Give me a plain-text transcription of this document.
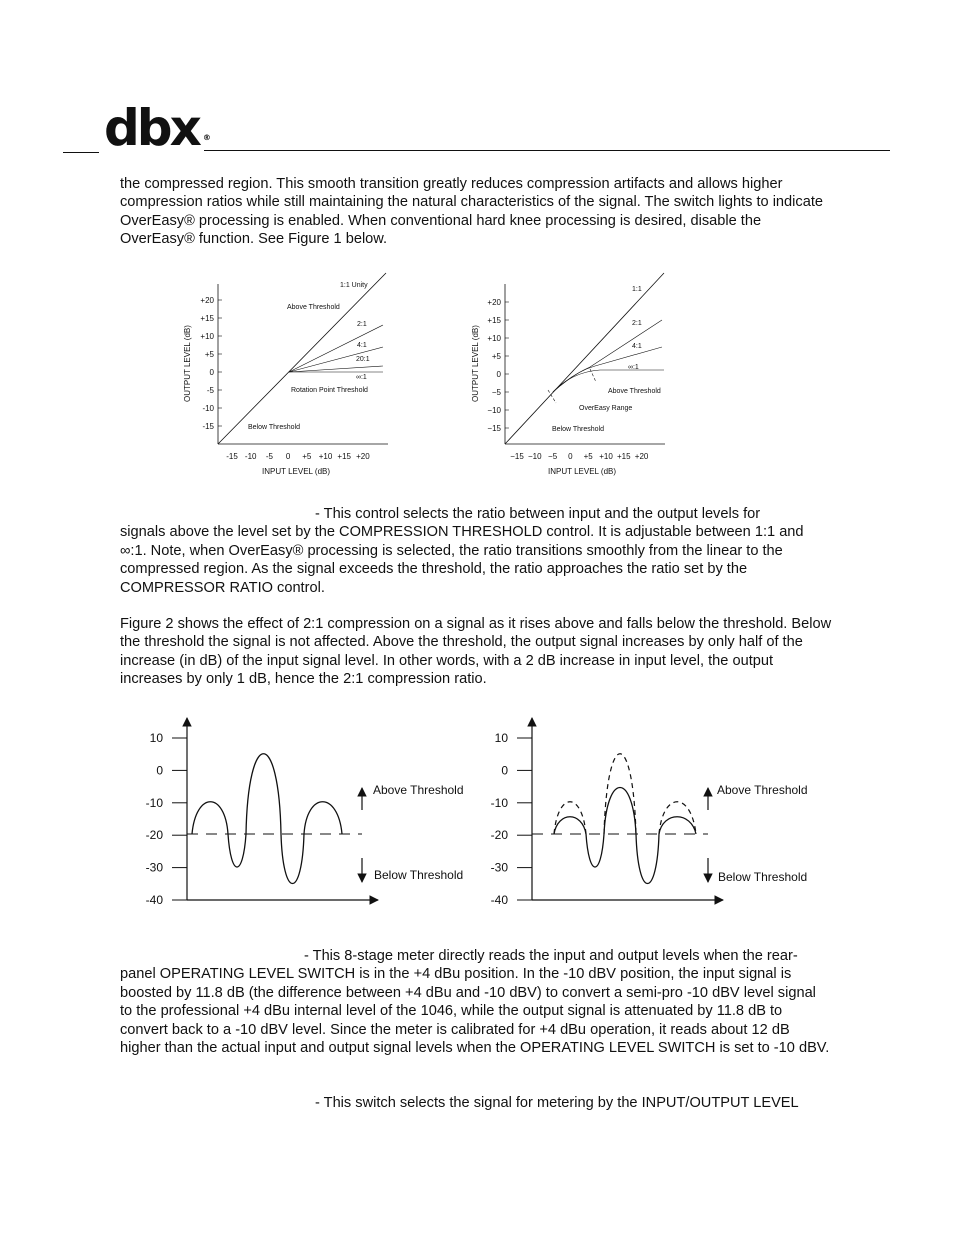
dbx ®

the compressed region. This smooth transition greatly reduces compression artifacts and allows higher compression ratios while still maintaining the natural characteristics of the signal. The switch lights to indicate OverEasy® processing is enabled. When conventional hard knee processing is desired, disable the OverEasy® function. See Figure 1 below.

+20
+15
+10
+5
0
-5
-10
-15
-15 -10 -5 0 +5 +10 +15 +20
OUTPUT LEVEL (dB)
INPUT LEVEL (dB)
1:1 Unity
Above Threshold
2:1
4:1
20:1
∞:1
Rotation Point Threshold
Below Threshold
+20
+15
+10
+5
0
−5
−10
−15
−15 −10 −5 0 +5 +10 +15 +20
OUTPUT LEVEL (dB)
INPUT LEVEL (dB)
1:1
2:1
4:1
∞:1
Above Threshold
OverEasy Range
Below Threshold

- This control selects the ratio between input and the output levels for

signals above the level set by the COMPRESSION THRESHOLD control. It is adjustable between 1:1 and ∞:1. Note, when OverEasy® processing is selected, the ratio transitions smoothly from the linear to the compressed region. As the signal exceeds the threshold, the ratio approaches the ratio set by the COMPRESSOR RATIO control.

Figure 2 shows the effect of 2:1 compression on a signal as it rises above and falls below the threshold. Below the threshold the signal is not affected. Above the threshold, the output signal increases by only half of the increase (in dB) of the input signal level. In other words, with a 2 dB increase in input level, the output increases by only 1 dB, hence the 2:1 compression ratio.

10
0
-10
-20
-30
-40
Above Threshold
Below Threshold
10
0
-10
-20
-30
-40
Above Threshold
Below Threshold

- This 8-stage meter directly reads the input and output levels when the rear-

panel OPERATING LEVEL SWITCH is in the +4 dBu position. In the -10 dBV position, the input signal is boosted by 11.8 dB (the difference between +4 dBu and -10 dBV) to convert a semi-pro -10 dBV level signal to the professional +4 dBu internal level of the 1046, while the output signal is attenuated by 11.8 dB to convert back to a -10 dBV level. Since the meter is calibrated for +4 dBu operation, it reads about 12 dB higher than the actual input and output signal levels when the OPERATING LEVEL SWITCH is set to -10 dBV.

- This switch selects the signal for metering by the INPUT/OUTPUT LEVEL
